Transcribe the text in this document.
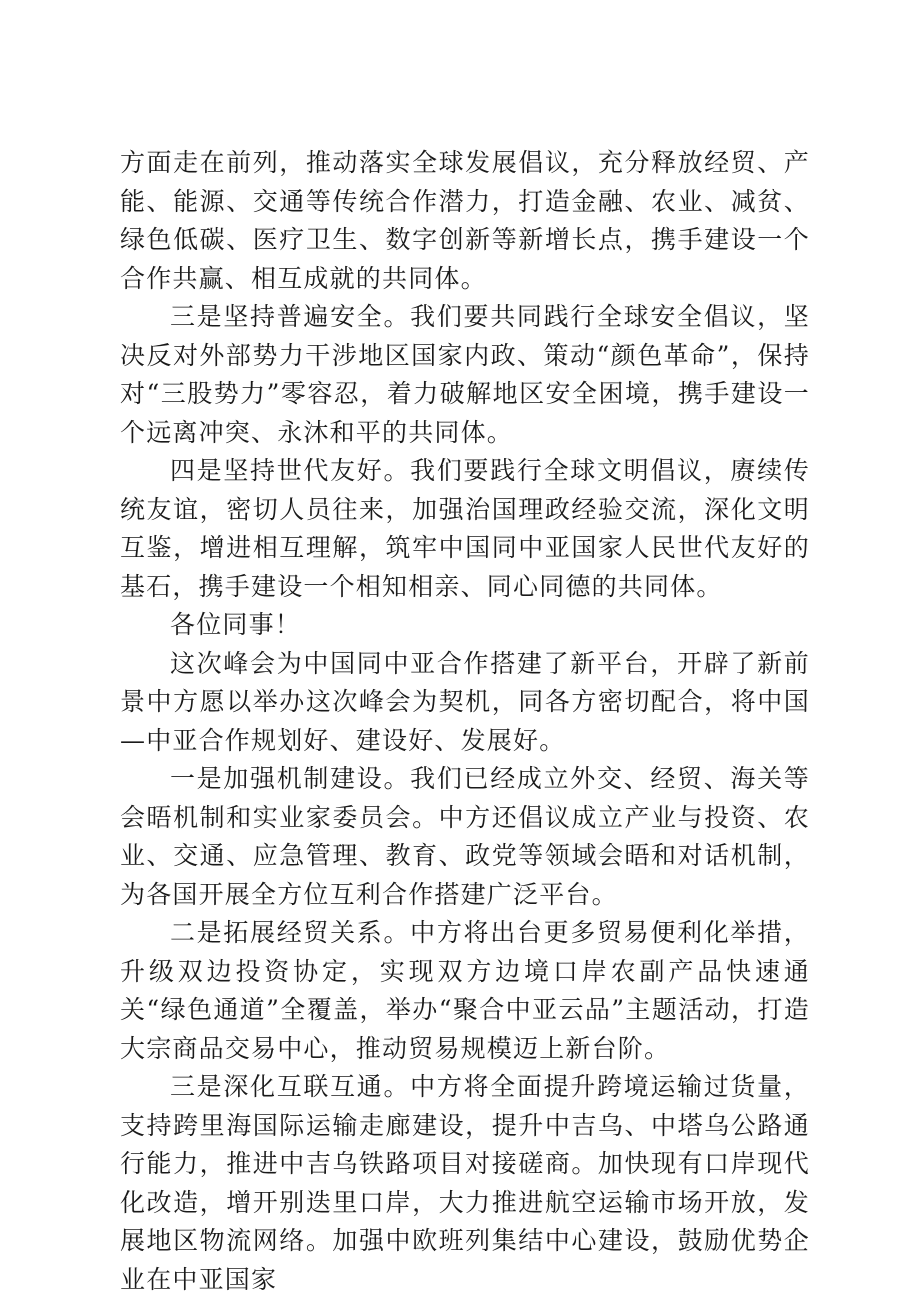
方面走在前列，推动落实全球发展倡议，充分释放经贸、产能、能源、交通等传统合作潜力，打造金融、农业、减贫、绿色低碳、医疗卫生、数字创新等新增长点，携手建设一个合作共赢、相互成就的共同体。

三是坚持普遍安全。我们要共同践行全球安全倡议，坚决反对外部势力干涉地区国家内政、策动“颜色革命”，保持对“三股势力”零容忍，着力破解地区安全困境，携手建设一个远离冲突、永沐和平的共同体。

四是坚持世代友好。我们要践行全球文明倡议，赓续传统友谊，密切人员往来，加强治国理政经验交流，深化文明互鉴，增进相互理解，筑牢中国同中亚国家人民世代友好的基石，携手建设一个相知相亲、同心同德的共同体。

各位同事！

这次峰会为中国同中亚合作搭建了新平台，开辟了新前景中方愿以举办这次峰会为契机，同各方密切配合，将中国—中亚合作规划好、建设好、发展好。

一是加强机制建设。我们已经成立外交、经贸、海关等会晤机制和实业家委员会。中方还倡议成立产业与投资、农业、交通、应急管理、教育、政党等领域会晤和对话机制，为各国开展全方位互利合作搭建广泛平台。

二是拓展经贸关系。中方将出台更多贸易便利化举措，升级双边投资协定，实现双方边境口岸农副产品快速通关“绿色通道”全覆盖，举办“聚合中亚云品”主题活动，打造大宗商品交易中心，推动贸易规模迈上新台阶。

三是深化互联互通。中方将全面提升跨境运输过货量，支持跨里海国际运输走廊建设，提升中吉乌、中塔乌公路通行能力，推进中吉乌铁路项目对接磋商。加快现有口岸现代化改造，增开别迭里口岸，大力推进航空运输市场开放，发展地区物流网络。加强中欧班列集结中心建设，鼓励优势企业在中亚国家
